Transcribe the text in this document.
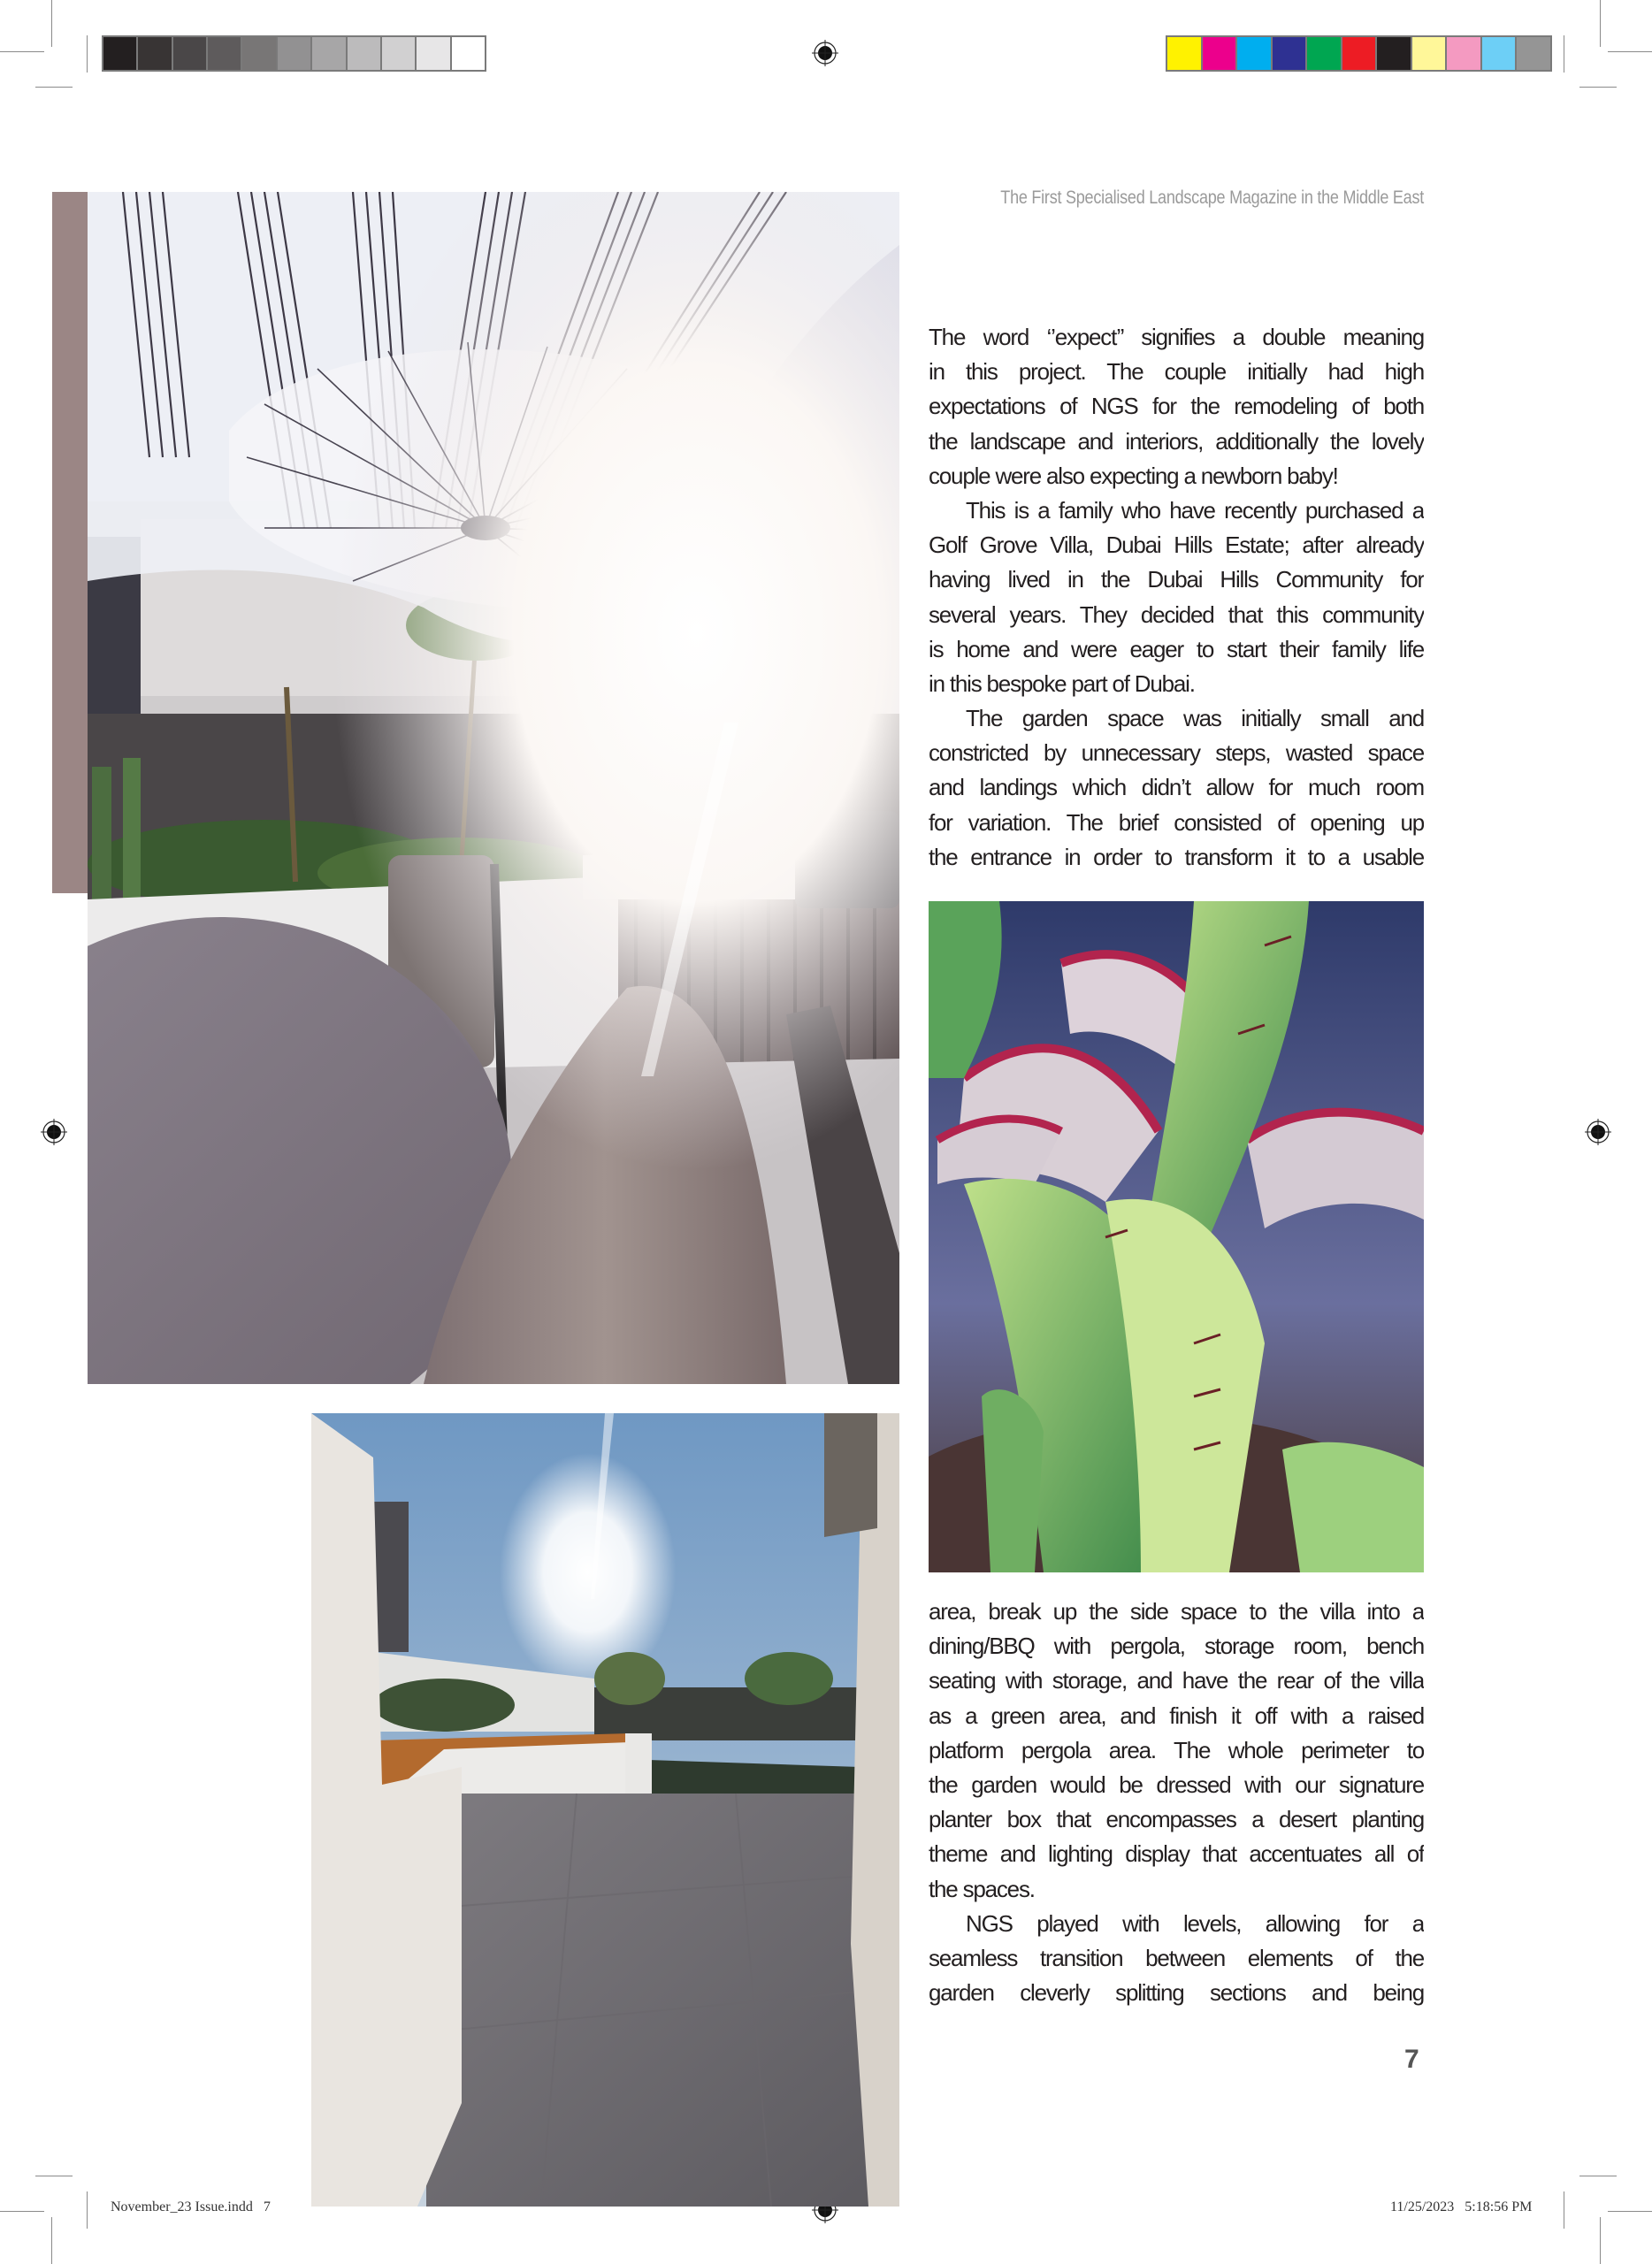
The First Specialised Landscape Magazine in the Middle East
The word ‘’expect’’ signifies a double meaning
in this project. The couple initially had high
expectations of NGS for the remodeling of both
the landscape and interiors, additionally the lovely
couple were also expecting a newborn baby!
This is a family who have recently purchased a
Golf Grove Villa, Dubai Hills Estate; after already
having lived in the Dubai Hills Community for
several years. They decided that this community
is home and were eager to start their family life
in this bespoke part of Dubai.
The garden space was initially small and
constricted by unnecessary steps, wasted space
and landings which didn’t allow for much room
for variation. The brief consisted of opening up
the entrance in order to transform it to a usable
area, break up the side space to the villa into a
dining/BBQ with pergola, storage room, bench
seating with storage, and have the rear of the villa
as a green area, and finish it off with a raised
platform pergola area. The whole perimeter to
the garden would be dressed with our signature
planter box that encompasses a desert planting
theme and lighting display that accentuates all of
the spaces.
NGS played with levels, allowing for a
seamless transition between elements of the
garden cleverly splitting sections and being
7
November_23 Issue.indd   7	11/25/2023   5:18:56 PM
